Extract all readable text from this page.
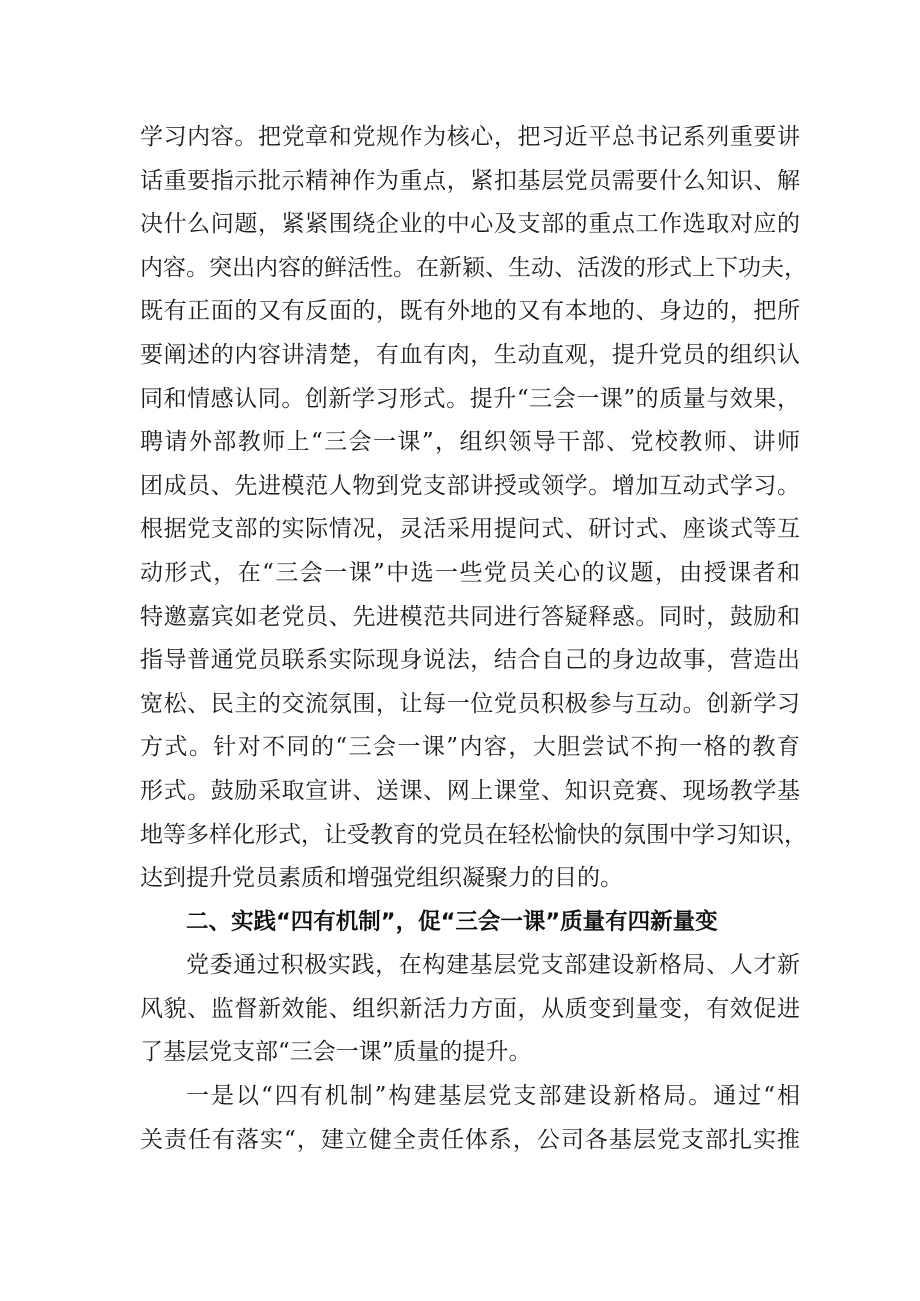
学习内容。把党章和党规作为核心，把习近平总书记系列重要讲
话重要指示批示精神作为重点，紧扣基层党员需要什么知识、解
决什么问题，紧紧围绕企业的中心及支部的重点工作选取对应的
内容。突出内容的鲜活性。在新颖、生动、活泼的形式上下功夫，
既有正面的又有反面的，既有外地的又有本地的、身边的，把所
要阐述的内容讲清楚，有血有肉，生动直观，提升党员的组织认
同和情感认同。创新学习形式。提升“三会一课”的质量与效果，
聘请外部教师上“三会一课”，组织领导干部、党校教师、讲师
团成员、先进模范人物到党支部讲授或领学。增加互动式学习。
根据党支部的实际情况，灵活采用提问式、研讨式、座谈式等互
动形式，在“三会一课”中选一些党员关心的议题，由授课者和
特邀嘉宾如老党员、先进模范共同进行答疑释惑。同时，鼓励和
指导普通党员联系实际现身说法，结合自己的身边故事，营造出
宽松、民主的交流氛围，让每一位党员积极参与互动。创新学习
方式。针对不同的“三会一课”内容，大胆尝试不拘一格的教育
形式。鼓励采取宣讲、送课、网上课堂、知识竞赛、现场教学基
地等多样化形式，让受教育的党员在轻松愉快的氛围中学习知识，
达到提升党员素质和增强党组织凝聚力的目的。
二、实践“四有机制”，促“三会一课”质量有四新量变
党委通过积极实践，在构建基层党支部建设新格局、人才新
风貌、监督新效能、组织新活力方面，从质变到量变，有效促进
了基层党支部“三会一课”质量的提升。
一是以“四有机制”构建基层党支部建设新格局。通过“相
关责任有落实“，建立健全责任体系，公司各基层党支部扎实推
